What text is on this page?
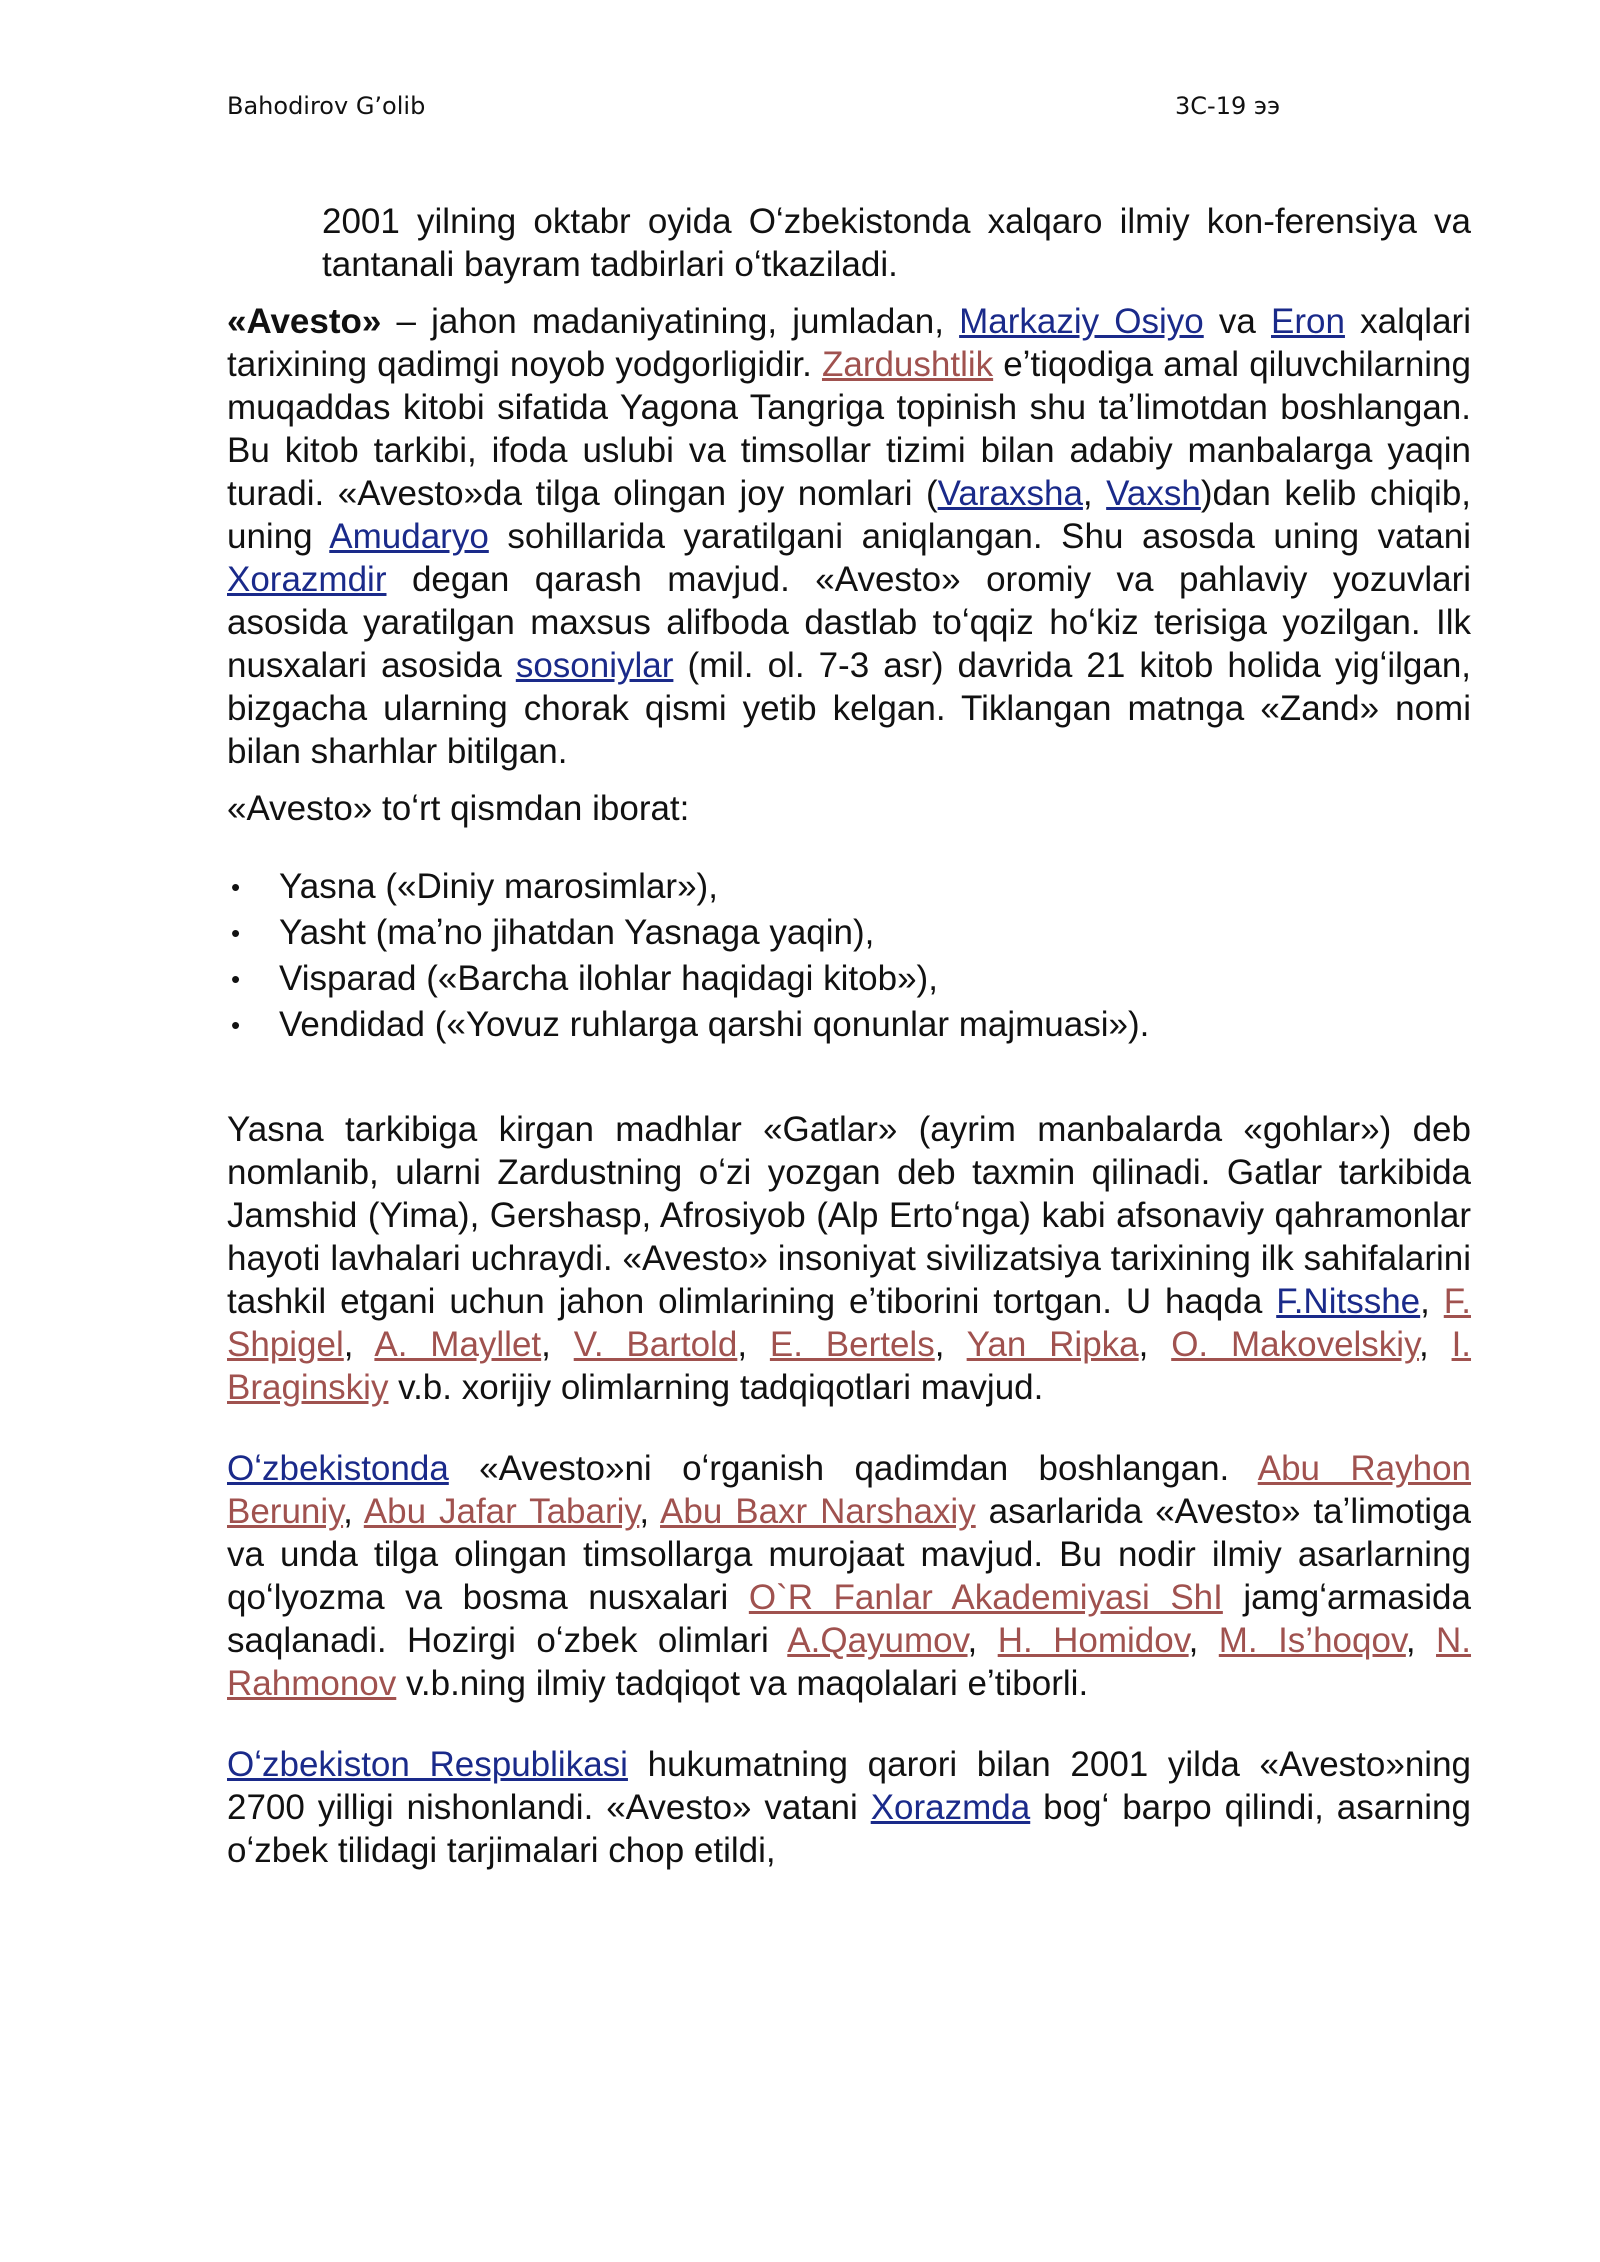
Bahodirov G’olib	3C-19 ээ

2001 yilning oktabr oyida Oʻzbekistonda xalqaro ilmiy kon-ferensiya va tantanali bayram tadbirlari oʻtkaziladi.

«Avesto» – jahon madaniyatining, jumladan, Markaziy Osiyo va Eron xalqlari tarixining qadimgi noyob yodgorligidir. Zardushtlik eʼtiqodiga amal qiluvchilarning muqaddas kitobi sifatida Yagona Tangriga topinish shu taʼlimotdan boshlangan. Bu kitob tarkibi, ifoda uslubi va timsollar tizimi bilan adabiy manbalarga yaqin turadi. «Avesto»da tilga olingan joy nomlari (Varaxsha, Vaxsh)dan kelib chiqib, uning Amudaryo sohillarida yaratilgani aniqlangan. Shu asosda uning vatani Xorazmdir degan qarash mavjud. «Avesto» oromiy va pahlaviy yozuvlari asosida yaratilgan maxsus alifboda dastlab toʻqqiz hoʻkiz terisiga yozilgan. Ilk nusxalari asosida sosoniylar (mil. ol. 7-3 asr) davrida 21 kitob holida yigʻilgan, bizgacha ularning chorak qismi yetib kelgan. Tiklangan matnga «Zand» nomi bilan sharhlar bitilgan.

«Avesto» toʻrt qismdan iborat:

• Yasna («Diniy marosimlar»),
• Yasht (maʼno jihatdan Yasnaga yaqin),
• Visparad («Barcha ilohlar haqidagi kitob»),
• Vendidad («Yovuz ruhlarga qarshi qonunlar majmuasi»).

Yasna tarkibiga kirgan madhlar «Gatlar» (ayrim manbalarda «gohlar») deb nomlanib, ularni Zardustning oʻzi yozgan deb taxmin qilinadi. Gatlar tarkibida Jamshid (Yima), Gershasp, Afrosiyob (Alp Ertoʻnga) kabi afsonaviy qahramonlar hayoti lavhalari uchraydi. «Avesto» insoniyat sivilizatsiya tarixining ilk sahifalarini tashkil etgani uchun jahon olimlarining eʼtiborini tortgan. U haqda F.Nitsshe, F. Shpigel, A. Mayllet, V. Bartold, E. Bertels, Yan Ripka, O. Makovelskiy, I. Braginskiy v.b. xorijiy olimlarning tadqiqotlari mavjud.

Oʻzbekistonda «Avesto»ni oʻrganish qadimdan boshlangan. Abu Rayhon Beruniy, Abu Jafar Tabariy, Abu Baxr Narshaxiy asarlarida «Avesto» taʼlimotiga va unda tilga olingan timsollarga murojaat mavjud. Bu nodir ilmiy asarlarning qoʻlyozma va bosma nusxalari O`R Fanlar Akademiyasi ShI jamgʻarmasida saqlanadi. Hozirgi oʻzbek olimlari A.Qayumov, H. Homidov, M. Is’hoqov, N. Rahmonov v.b.ning ilmiy tadqiqot va maqolalari eʼtiborli.

Oʻzbekiston Respublikasi hukumatning qarori bilan 2001 yilda «Avesto»ning 2700 yilligi nishonlandi. «Avesto» vatani Xorazmda bogʻ barpo qilindi, asarning oʻzbek tilidagi tarjimalari chop etildi,
